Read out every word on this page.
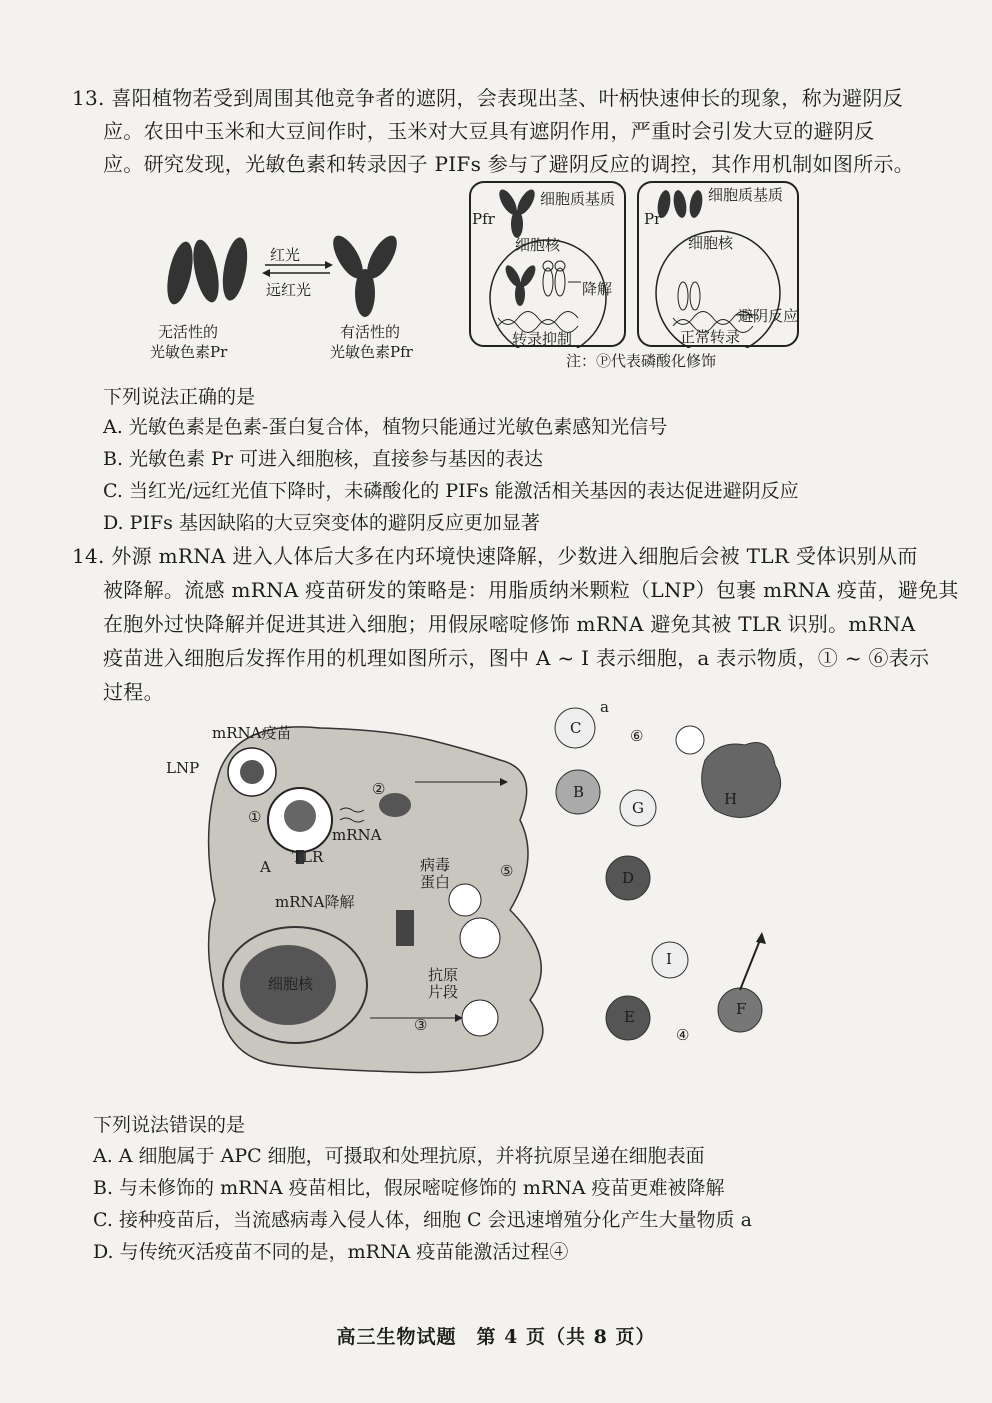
13. 喜阳植物若受到周围其他竞争者的遮阴，会表现出茎、叶柄快速伸长的现象，称为避阴反
应。农田中玉米和大豆间作时，玉米对大豆具有遮阴作用，严重时会引发大豆的避阴反
应。研究发现，光敏色素和转录因子 PIFs 参与了避阴反应的调控，其作用机制如图所示。
红光
远红光
无活性的
光敏色素Pr
有活性的
光敏色素Pfr
Pfr
细胞质基质
细胞核
降解
转录抑制
Pr
细胞质基质
细胞核
避阴反应
正常转录
注：Ⓟ代表磷酸化修饰
下列说法正确的是
A. 光敏色素是色素-蛋白复合体，植物只能通过光敏色素感知光信号
B. 光敏色素 Pr 可进入细胞核，直接参与基因的表达
C. 当红光/远红光值下降时，未磷酸化的 PIFs 能激活相关基因的表达促进避阴反应
D. PIFs 基因缺陷的大豆突变体的避阴反应更加显著
14. 外源 mRNA 进入人体后大多在内环境快速降解，少数进入细胞后会被 TLR 受体识别从而
被降解。流感 mRNA 疫苗研发的策略是：用脂质纳米颗粒（LNP）包裹 mRNA 疫苗，避免其
在胞外过快降解并促进其进入细胞；用假尿嘧啶修饰 mRNA 避免其被 TLR 识别。mRNA
疫苗进入细胞后发挥作用的机理如图所示，图中 A ~ I 表示细胞，a 表示物质，① ~ ⑥表示
过程。
mRNA疫苗
LNP
①
②
mRNA
TLR
A
mRNA降解
病毒
蛋白
⑤
抗原
片段
细胞核
③
④
⑥
a
C
B
G	H
D
I
E	F
下列说法错误的是
A. A 细胞属于 APC 细胞，可摄取和处理抗原，并将抗原呈递在细胞表面
B. 与未修饰的 mRNA 疫苗相比，假尿嘧啶修饰的 mRNA 疫苗更难被降解
C. 接种疫苗后，当流感病毒入侵人体，细胞 C 会迅速增殖分化产生大量物质 a
D. 与传统灭活疫苗不同的是，mRNA 疫苗能激活过程④
高三生物试题　第 4 页（共 8 页）
